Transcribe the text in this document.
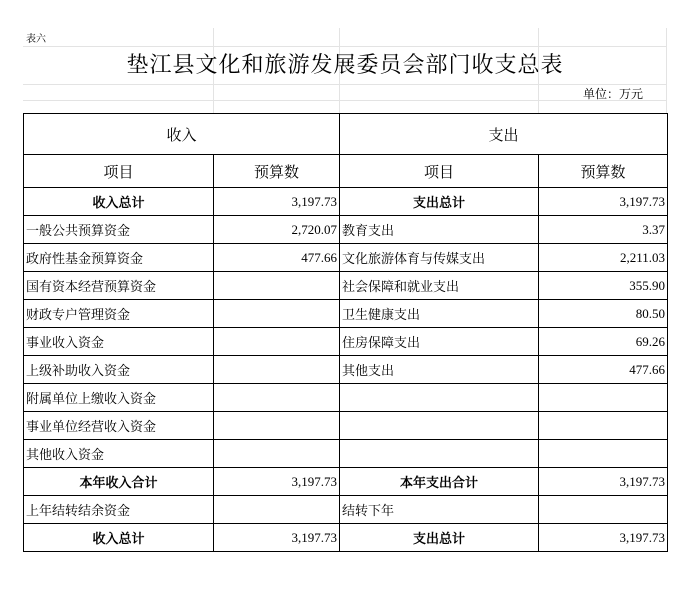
表六
垫江县文化和旅游发展委员会部门收支总表
单位：万元
收入		支出	
项目	预算数	项目	预算数
收入总计	3,197.73	支出总计	3,197.73
一般公共预算资金	2,720.07	教育支出	3.37
政府性基金预算资金	477.66	文化旅游体育与传媒支出	2,211.03
国有资本经营预算资金		社会保障和就业支出	355.90
财政专户管理资金		卫生健康支出	80.50
事业收入资金		住房保障支出	69.26
上级补助收入资金		其他支出	477.66
附属单位上缴收入资金			
事业单位经营收入资金			
其他收入资金			
本年收入合计	3,197.73	本年支出合计	3,197.73
上年结转结余资金		结转下年	
收入总计	3,197.73	支出总计	3,197.73
